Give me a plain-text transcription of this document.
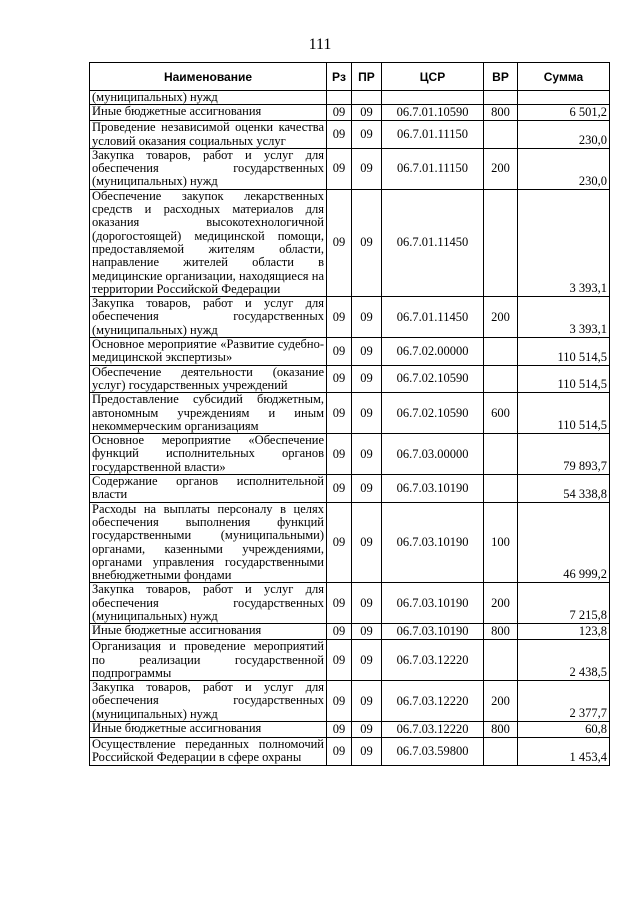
111
Наименование	Рз	ПР	ЦСР	ВР	Сумма
(муниципальных) нужд					
Иные бюджетные ассигнования	09	09	06.7.01.10590	800	6 501,2
Проведение независимой оценки качества условий оказания социальных услуг	09	09	06.7.01.11150		230,0
Закупка товаров, работ и услуг для обеспечения государственных (муниципальных) нужд	09	09	06.7.01.11150	200	230,0
Обеспечение закупок лекарственных средств и расходных материалов для оказания высокотехнологичной (дорогостоящей) медицинской помощи, предоставляемой жителям области, направление жителей области в медицинские организации, находящиеся на территории Российской Федерации	09	09	06.7.01.11450		3 393,1
Закупка товаров, работ и услуг для обеспечения государственных (муниципальных) нужд	09	09	06.7.01.11450	200	3 393,1
Основное мероприятие «Развитие судебно-медицинской экспертизы»	09	09	06.7.02.00000		110 514,5
Обеспечение деятельности (оказание услуг) государственных учреждений	09	09	06.7.02.10590		110 514,5
Предоставление субсидий бюджетным, автономным учреждениям и иным некоммерческим организациям	09	09	06.7.02.10590	600	110 514,5
Основное мероприятие «Обеспечение функций исполнительных органов государственной власти»	09	09	06.7.03.00000		79 893,7
Содержание органов исполнительной власти	09	09	06.7.03.10190		54 338,8
Расходы на выплаты персоналу в целях обеспечения выполнения функций государственными (муниципальными) органами, казенными учреждениями, органами управления государственными внебюджетными фондами	09	09	06.7.03.10190	100	46 999,2
Закупка товаров, работ и услуг для обеспечения государственных (муниципальных) нужд	09	09	06.7.03.10190	200	7 215,8
Иные бюджетные ассигнования	09	09	06.7.03.10190	800	123,8
Организация и проведение мероприятий по реализации государственной подпрограммы	09	09	06.7.03.12220		2 438,5
Закупка товаров, работ и услуг для обеспечения государственных (муниципальных) нужд	09	09	06.7.03.12220	200	2 377,7
Иные бюджетные ассигнования	09	09	06.7.03.12220	800	60,8
Осуществление переданных полномочий Российской Федерации в сфере охраны	09	09	06.7.03.59800		1 453,4
